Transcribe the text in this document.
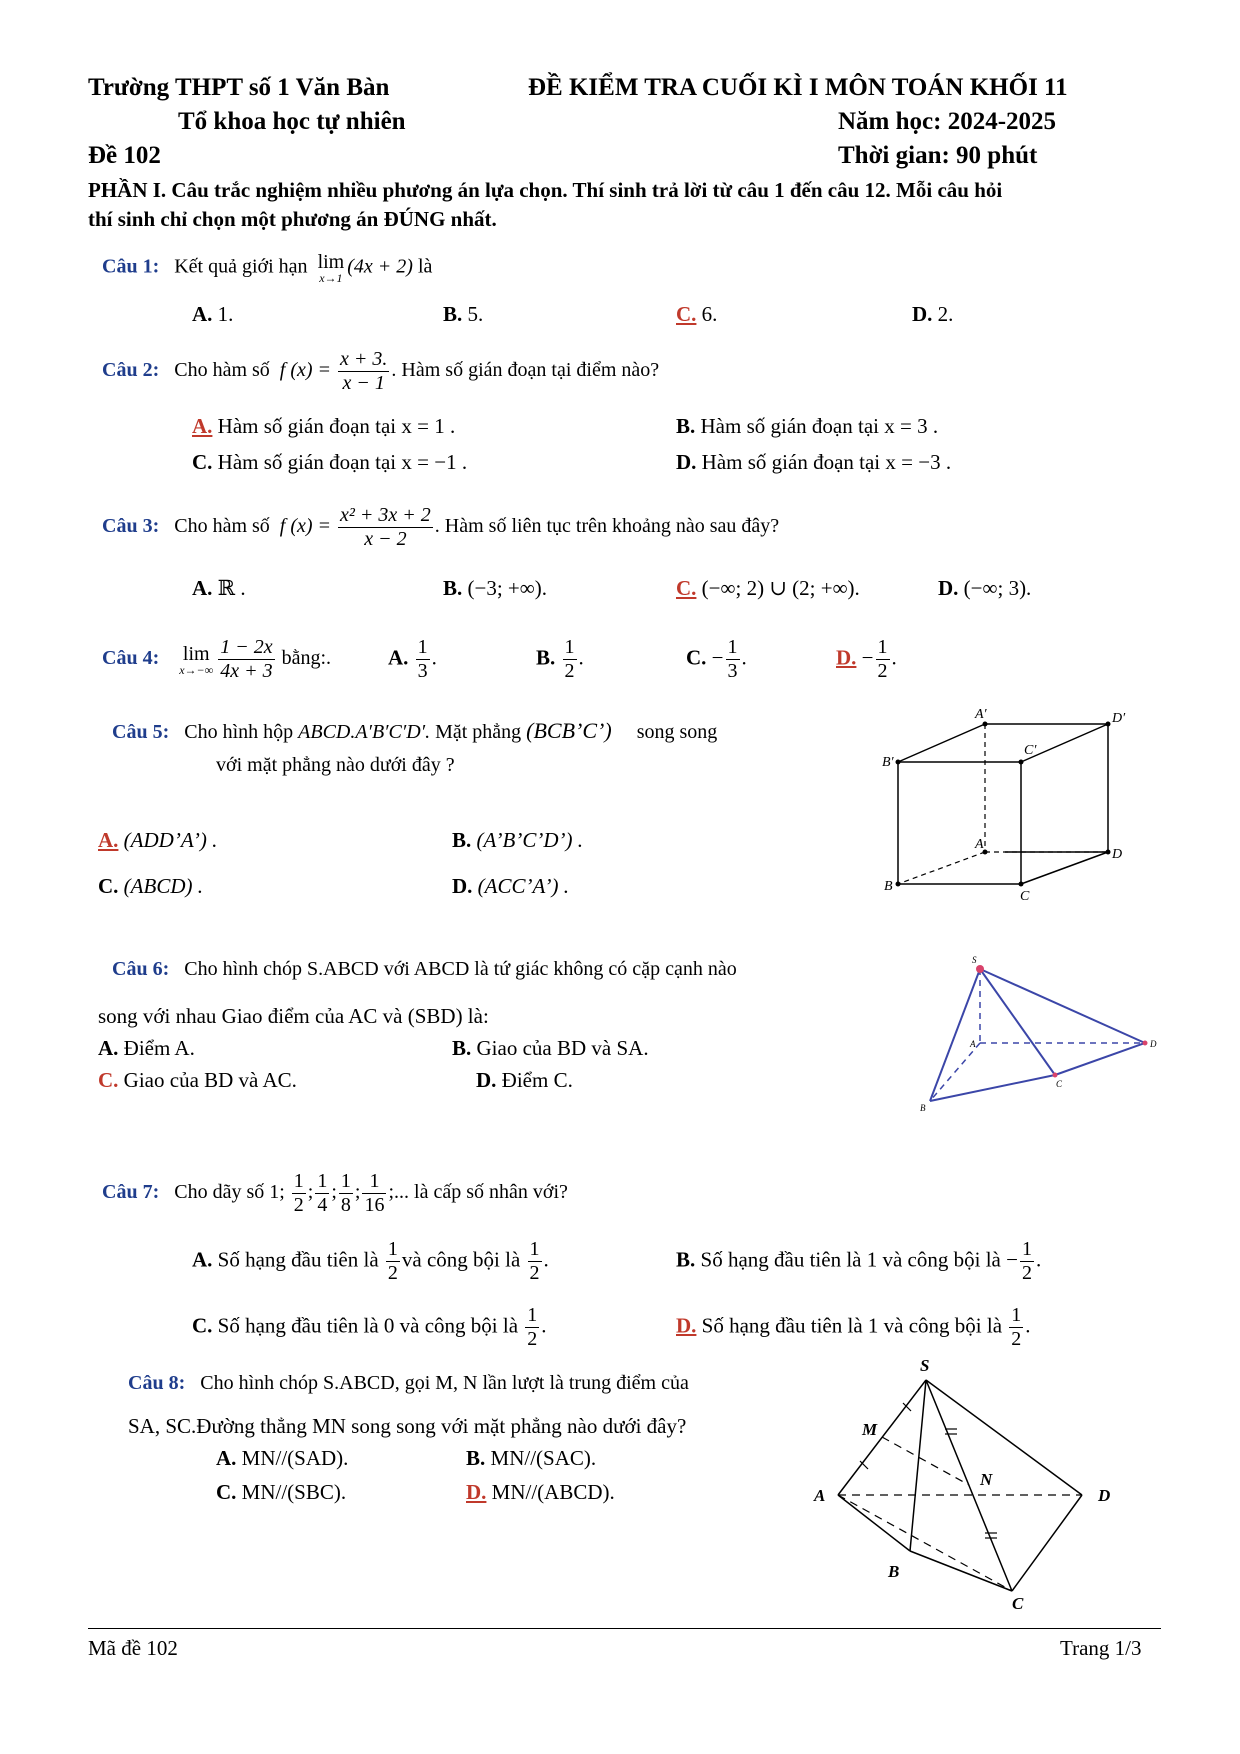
Trường THPT số 1 Văn Bàn	ĐỀ KIỂM TRA CUỐI KÌ I MÔN TOÁN KHỐI 11
Tổ khoa học tự nhiên	Năm học: 2024-2025
Đề 102	Thời gian: 90 phút
PHẦN I. Câu trắc nghiệm nhiều phương án lựa chọn. Thí sinh trả lời từ câu 1 đến câu 12. Mỗi câu hỏi
thí sinh chỉ chọn một phương án ĐÚNG nhất.
Câu 1: Kết quả giới hạn lim
x→1
(4x + 2) là
A. 1.	B. 5.	C. 6.	D. 2.
Câu 2: Cho hàm số f $(x) = \frac{x + 3.}{x - 1}$ . Hàm số gián đoạn tại điểm nào?
A. Hàm số gián đoạn tại x = 1 .	B. Hàm số gián đoạn tại x = 3 .
C. Hàm số gián đoạn tại x = −1 .	D. Hàm số gián đoạn tại x = −3 .
Câu 3: Cho hàm số f $(x) = \frac{\text{x² + 3x + 2}}{x - 2}$ . Hàm số liên tục trên khoảng nào sau đây?
A. ℝ .	B. (−3; +∞).	C. (−∞; 2) ∪ (2; +∞).	D. (−∞; 3).
Câu 4: lim
$x\to-\infty \frac{1 - 2x}{4x + 3}$ bằng:.	A. $\frac{1}{3}$ .	B. $\frac{1}{2}$ .	C. − $\frac{1}{3}$ .	D. − $\frac{1}{2}$ .
Câu 5: Cho hình hộp ABCD.A′B′C′D′. Mặt phẳng (BCB’C’) song song
với mặt phẳng nào dưới đây ?
A. (ADD’A’) .	B. (A’B’C’D’) .
C. (ABCD) .	D. (ACC’A’) .
A′	D′
C′
B′
A
D
B
C
Câu 6: Cho hình chóp S.ABCD với ABCD là tứ giác không có cặp cạnh nào
song với nhau Giao điểm của AC và (SBD) là:
A. Điểm A.	B. Giao của BD và SA.
C. Giao của BD và AC.	D. Điểm C.
S
A	D
B
C
Câu 7: Cho dãy số 1; $\frac{1}{2}$ ; $\frac{1}{4}$ ; $\frac{1}{8}$ ; $\frac{1}{16}$ ;... là cấp số nhân với?
A. Số hạng đầu tiên là $\frac{1}{2}$ và công bội là $\frac{1}{2}$ .	B. Số hạng đầu tiên là 1 và công bội là − $\frac{1}{2}$ .
C. Số hạng đầu tiên là 0 và công bội là $\frac{1}{2}$ .	D. Số hạng đầu tiên là 1 và công bội là $\frac{1}{2}$ .
Câu 8: Cho hình chóp S.ABCD, gọi M, N lần lượt là trung điểm của
SA, SC.Đường thẳng MN song song với mặt phẳng nào dưới đây?
A. MN//(SAD).	B. MN//(SAC).
C. MN//(SBC).	D. MN//(ABCD).
S
M
N
A	D
B
C
Mã đề 102	Trang 1/3
